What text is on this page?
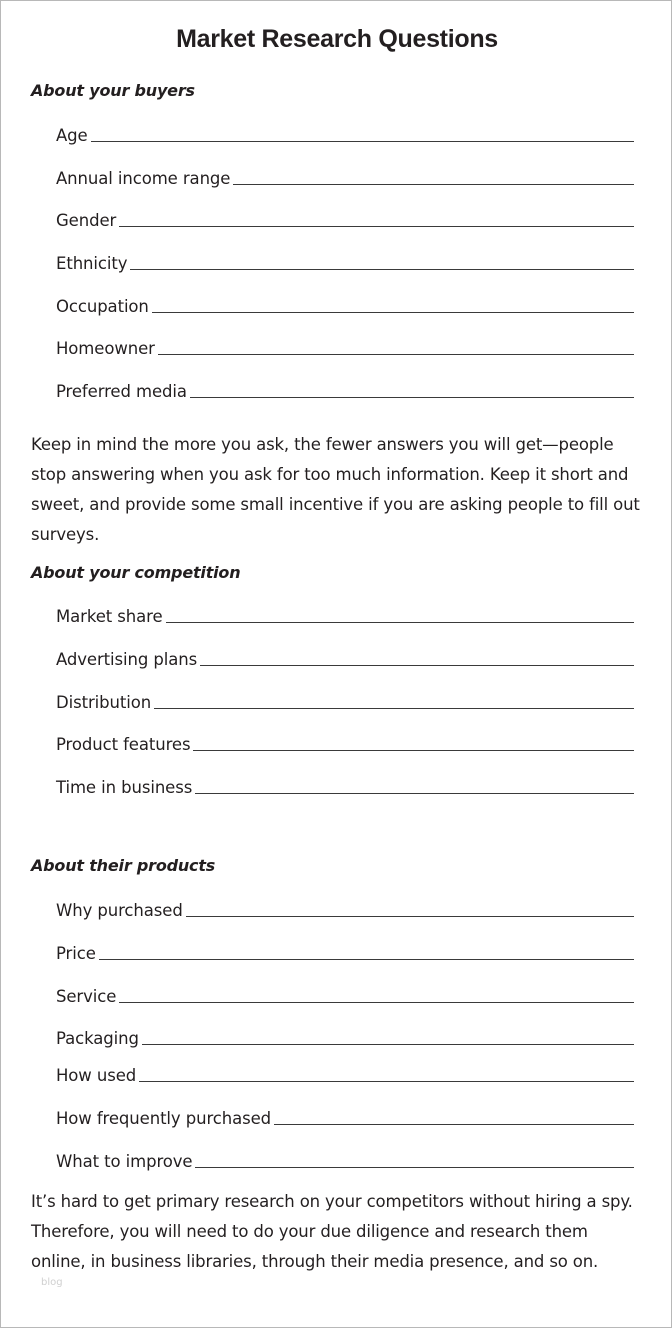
Market Research Questions
About your buyers
Age
Annual income range
Gender
Ethnicity
Occupation
Homeowner
Preferred media

Keep in mind the more you ask, the fewer answers you will get—people stop answering when you ask for too much information. Keep it short and sweet, and provide some small incentive if you are asking people to fill out surveys.

About your competition
Market share
Advertising plans
Distribution
Product features
Time in business
About their products
Why purchased
Price
Service
Packaging
How used
How frequently purchased
What to improve

It’s hard to get primary research on your competitors without hiring a spy. Therefore, you will need to do your due diligence and research them online, in business libraries, through their media presence, and so on.

blog
